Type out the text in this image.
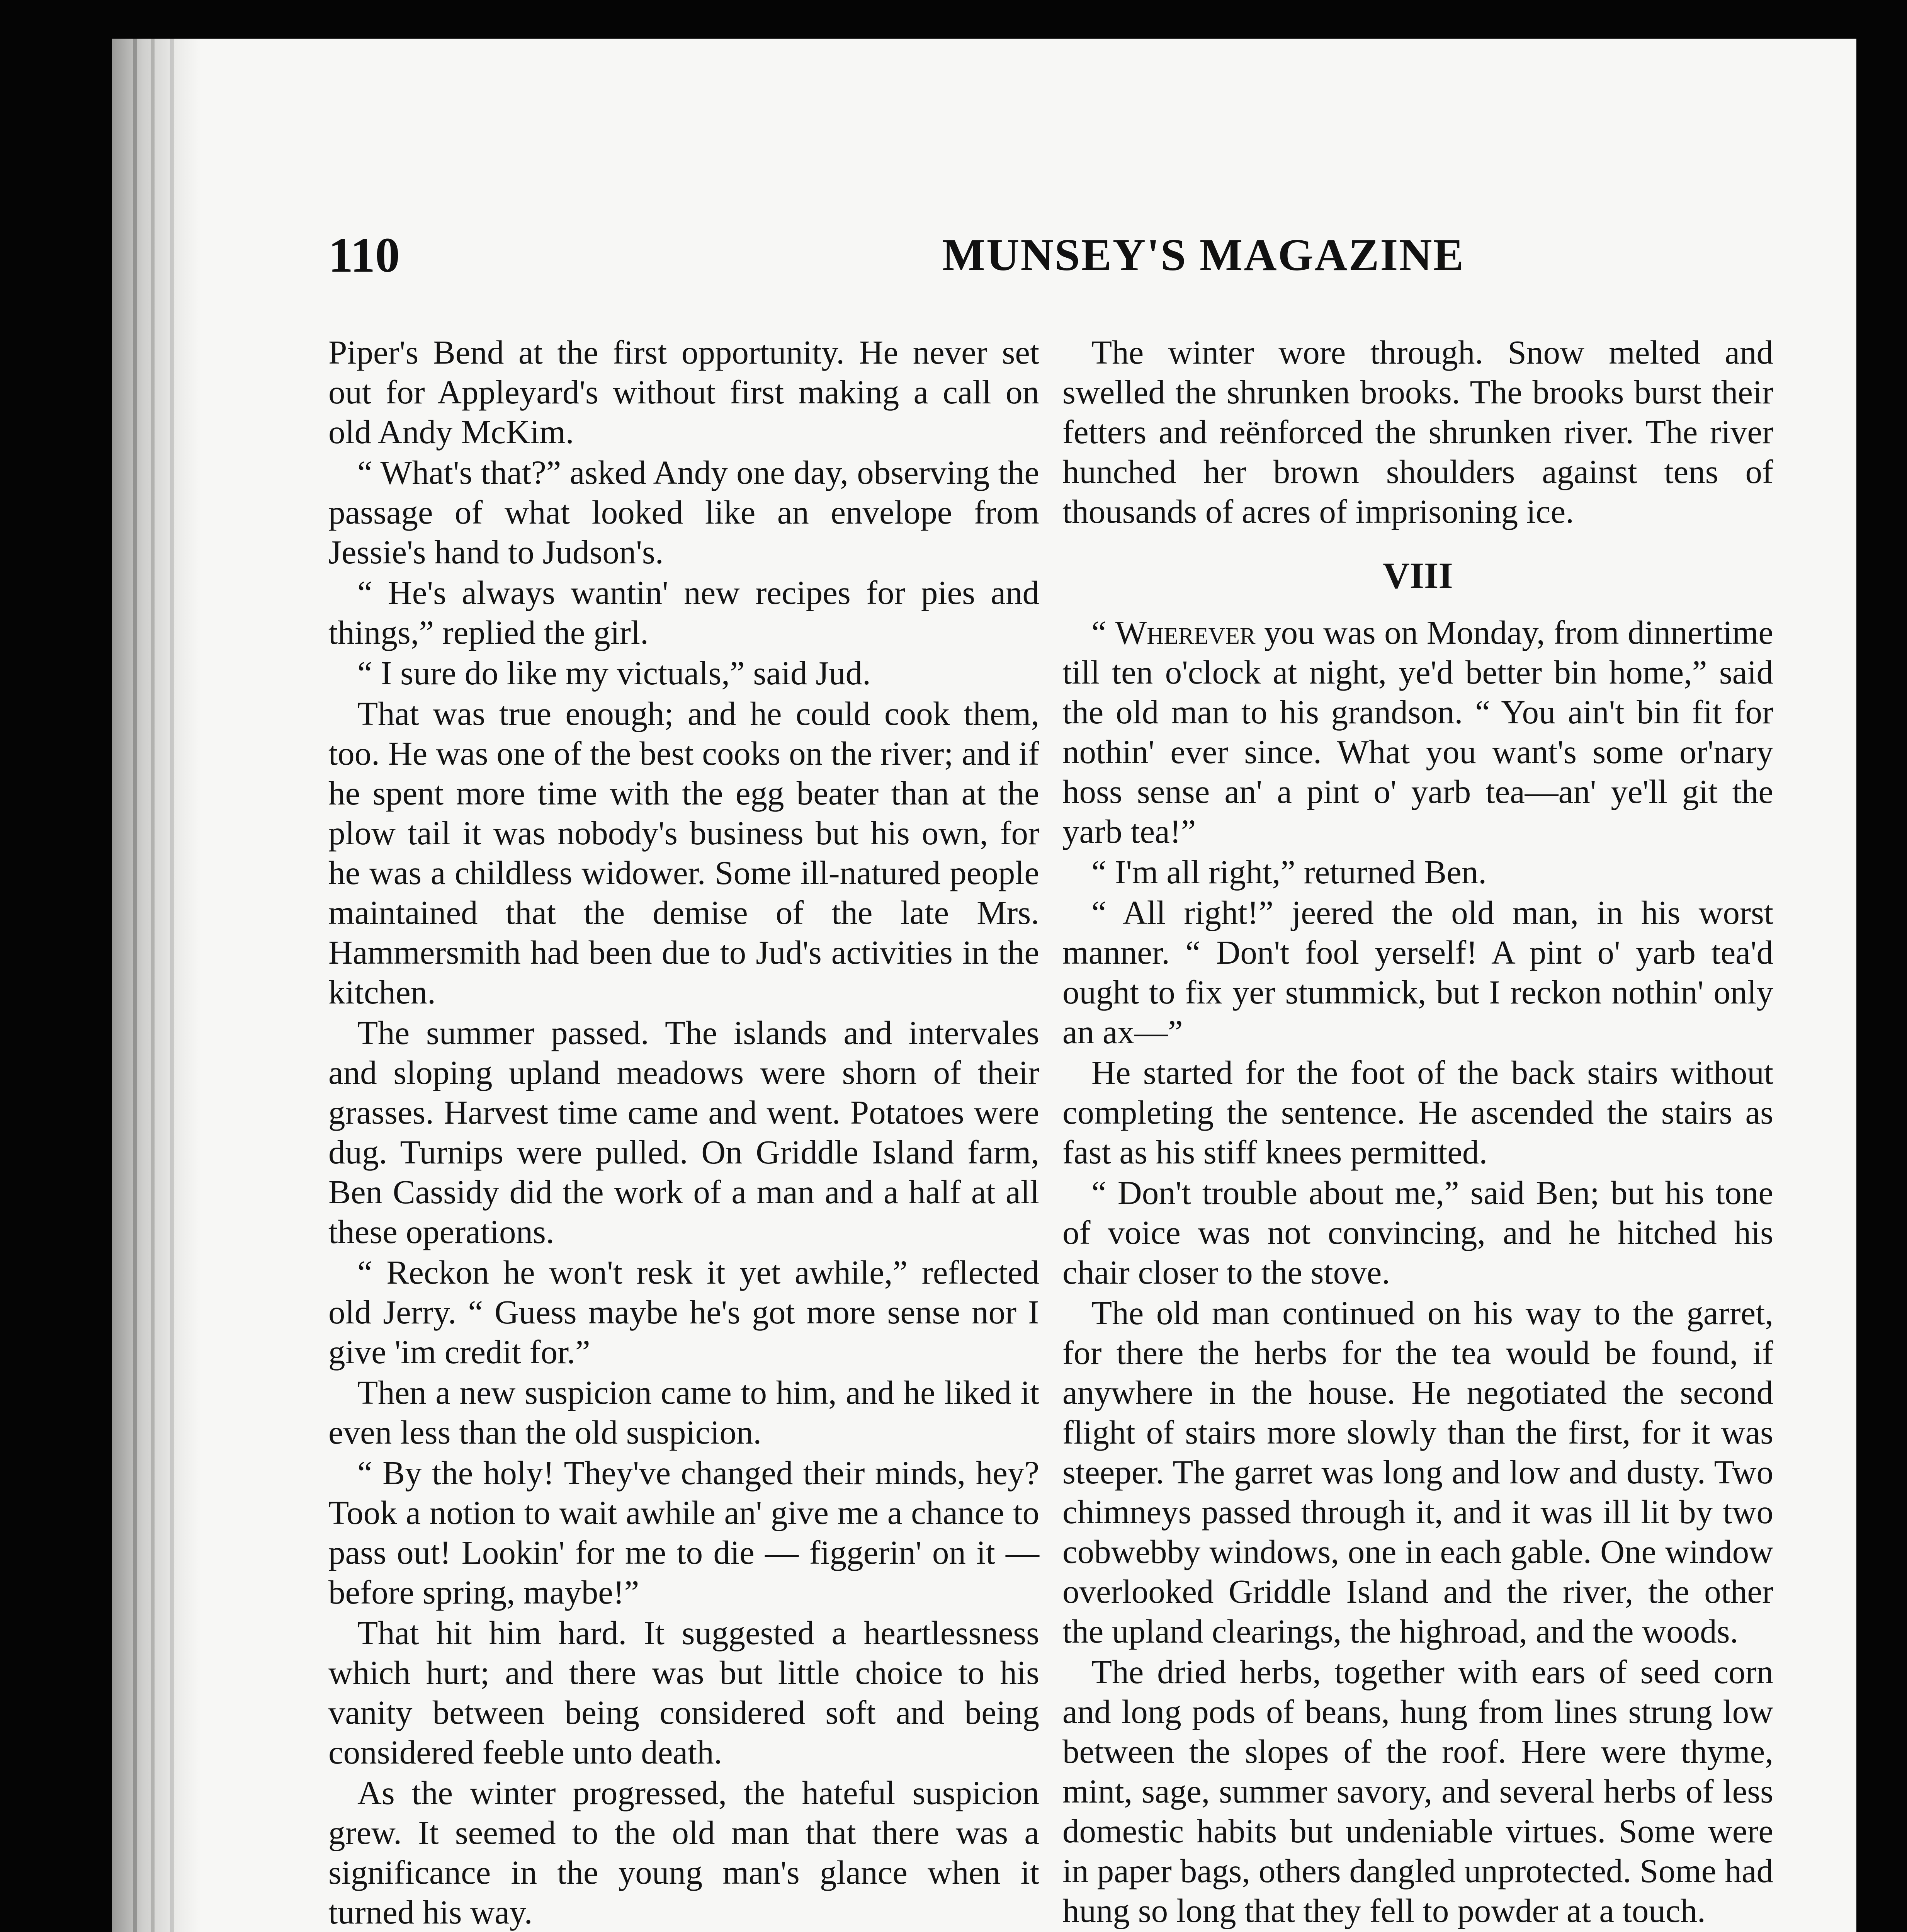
110	MUNSEY'S MAGAZINE

Piper's Bend at the first opportunity. He never set out for Appleyard's without first making a call on old Andy McKim.

“ What's that?” asked Andy one day, observing the passage of what looked like an envelope from Jessie's hand to Judson's.

“ He's always wantin' new recipes for pies and things,” replied the girl.

“ I sure do like my victuals,” said Jud.

That was true enough; and he could cook them, too. He was one of the best cooks on the river; and if he spent more time with the egg beater than at the plow tail it was nobody's business but his own, for he was a childless widower. Some ill-natured people maintained that the demise of the late Mrs. Hammersmith had been due to Jud's activities in the kitchen.

The summer passed. The islands and intervales and sloping upland meadows were shorn of their grasses. Harvest time came and went. Potatoes were dug. Turnips were pulled. On Griddle Island farm, Ben Cassidy did the work of a man and a half at all these operations.

“ Reckon he won't resk it yet awhile,” reflected old Jerry. “ Guess maybe he's got more sense nor I give 'im credit for.”

Then a new suspicion came to him, and he liked it even less than the old suspicion.

“ By the holy! They've changed their minds, hey? Took a notion to wait awhile an' give me a chance to pass out! Lookin' for me to die — figgerin' on it — before spring, maybe!”

That hit him hard. It suggested a heartlessness which hurt; and there was but little choice to his vanity between being considered soft and being considered feeble unto death.

As the winter progressed, the hateful suspicion grew. It seemed to the old man that there was a significance in the young man's glance when it turned his way.

The winter wore through. Snow melted and swelled the shrunken brooks. The brooks burst their fetters and reënforced the shrunken river. The river hunched her brown shoulders against tens of thousands of acres of imprisoning ice.

VIII

“ Wherever you was on Monday, from dinnertime till ten o'clock at night, ye'd better bin home,” said the old man to his grandson. “ You ain't bin fit for nothin' ever since. What you want's some or'nary hoss sense an' a pint o' yarb tea—an' ye'll git the yarb tea!”

“ I'm all right,” returned Ben.

“ All right!” jeered the old man, in his worst manner. “ Don't fool yerself! A pint o' yarb tea'd ought to fix yer stummick, but I reckon nothin' only an ax—”

He started for the foot of the back stairs without completing the sentence. He ascended the stairs as fast as his stiff knees permitted.

“ Don't trouble about me,” said Ben; but his tone of voice was not convincing, and he hitched his chair closer to the stove.

The old man continued on his way to the garret, for there the herbs for the tea would be found, if anywhere in the house. He negotiated the second flight of stairs more slowly than the first, for it was steeper. The garret was long and low and dusty. Two chimneys passed through it, and it was ill lit by two cobwebby windows, one in each gable. One window overlooked Griddle Island and the river, the other the upland clearings, the highroad, and the woods.

The dried herbs, together with ears of seed corn and long pods of beans, hung from lines strung low between the slopes of the roof. Here were thyme, mint, sage, summer savory, and several herbs of less domestic habits but undeniable virtues. Some were in paper bags, others dangled unprotected. Some had hung so long that they fell to powder at a touch.
